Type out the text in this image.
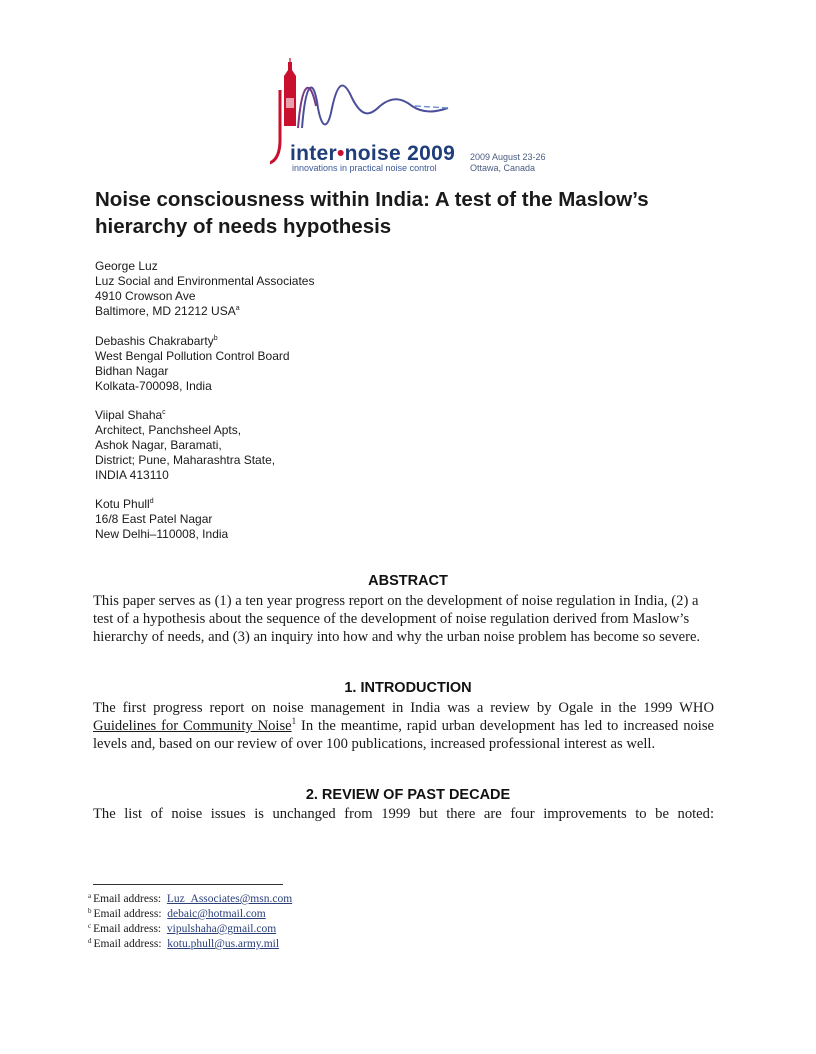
inter•noise 2009
innovations in practical noise control
2009 August 23-26
Ottawa, Canada
Noise consciousness within India: A test of the Maslow’s hierarchy of needs hypothesis
George Luz
Luz Social and Environmental Associates
4910 Crowson Ave
Baltimore, MD 21212 USA$^a$
Debashis Chakrabarty$^b$
West Bengal Pollution Control Board
Bidhan Nagar
Kolkata-700098, India
Viipal Shaha$^c$
Architect, Panchsheel Apts,
Ashok Nagar, Baramati,
District; Pune, Maharashtra State,
INDIA 413110
Kotu Phull$^d$
16/8 East Patel Nagar
New Delhi–110008, India
ABSTRACT
This paper serves as (1) a ten year progress report on the development of noise regulation in India, (2) a test of a hypothesis about the sequence of the development of noise regulation derived from Maslow’s hierarchy of needs, and (3) an inquiry into how and why the urban noise problem has become so severe.
1. INTRODUCTION
The first progress report on noise management in India was a review by Ogale in the 1999 WHO Guidelines for Community Noise$^1$ In the meantime, rapid urban development has led to increased noise levels and, based on our review of over 100 publications, increased professional interest as well.
2. REVIEW OF PAST DECADE
The list of noise issues is unchanged from 1999 but there are four improvements to be noted:
$^a$ Email address: Luz_Associates@msn.com
$^b$ Email address: debaic@hotmail.com
$^c$ Email address: vipulshaha@gmail.com
$^d$ Email address: kotu.phull@us.army.mil
